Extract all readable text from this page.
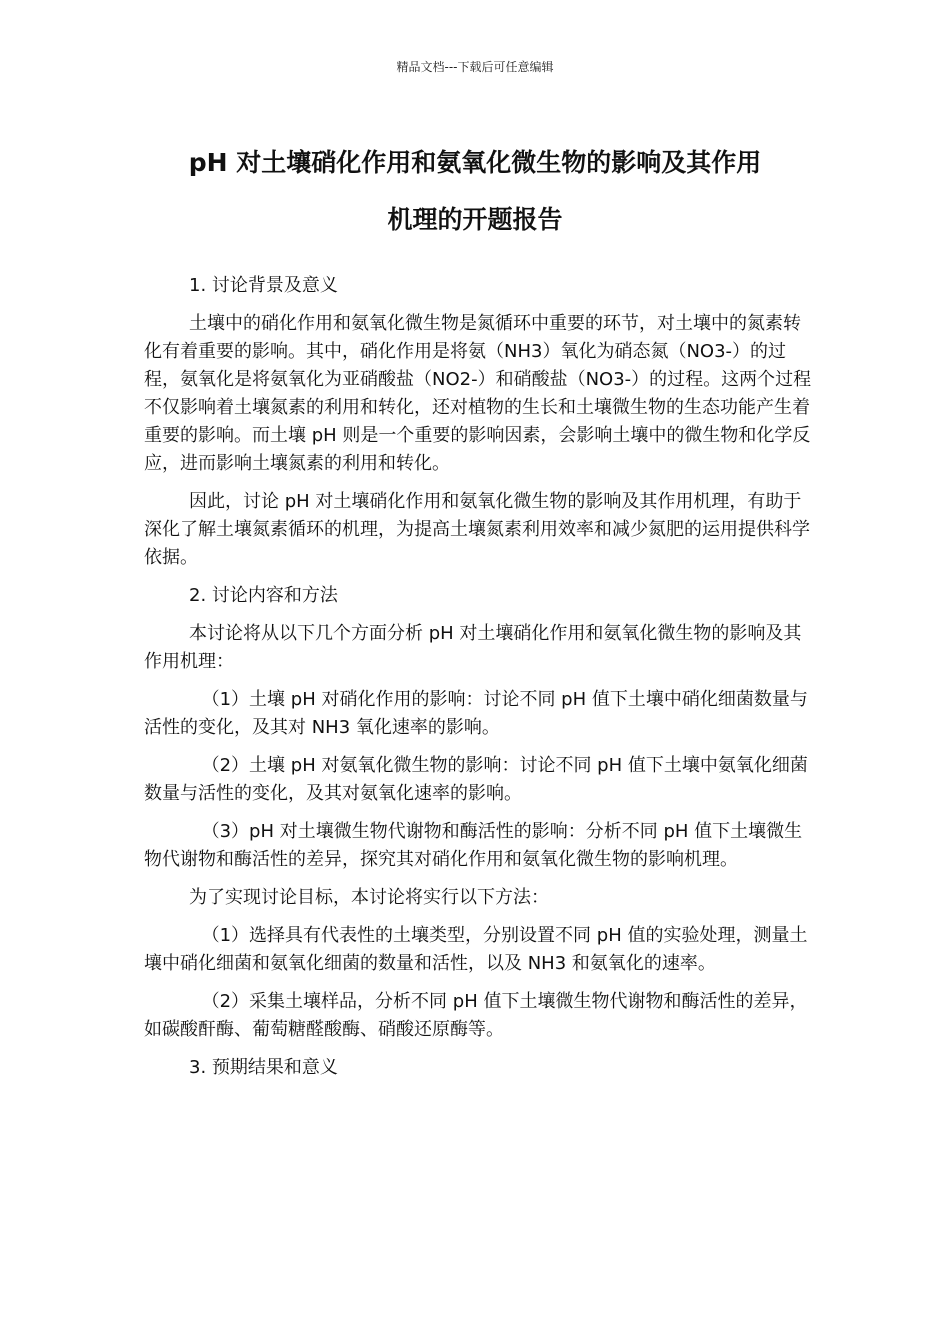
精品文档---下载后可任意编辑
pH 对土壤硝化作用和氨氧化微生物的影响及其作用
机理的开题报告
1. 讨论背景及意义

土壤中的硝化作用和氨氧化微生物是氮循环中重要的环节，对土壤中的氮素转化有着重要的影响。其中，硝化作用是将氨（NH3）氧化为硝态氮（NO3-）的过程，氨氧化是将氨氧化为亚硝酸盐（NO2-）和硝酸盐（NO3-）的过程。这两个过程不仅影响着土壤氮素的利用和转化，还对植物的生长和土壤微生物的生态功能产生着重要的影响。而土壤 pH 则是一个重要的影响因素，会影响土壤中的微生物和化学反应，进而影响土壤氮素的利用和转化。

因此，讨论 pH 对土壤硝化作用和氨氧化微生物的影响及其作用机理，有助于深化了解土壤氮素循环的机理，为提高土壤氮素利用效率和减少氮肥的运用提供科学依据。

2. 讨论内容和方法

本讨论将从以下几个方面分析 pH 对土壤硝化作用和氨氧化微生物的影响及其作用机理：

（1）土壤 pH 对硝化作用的影响：讨论不同 pH 值下土壤中硝化细菌数量与活性的变化，及其对 NH3 氧化速率的影响。

（2）土壤 pH 对氨氧化微生物的影响：讨论不同 pH 值下土壤中氨氧化细菌数量与活性的变化，及其对氨氧化速率的影响。

（3）pH 对土壤微生物代谢物和酶活性的影响：分析不同 pH 值下土壤微生物代谢物和酶活性的差异，探究其对硝化作用和氨氧化微生物的影响机理。

为了实现讨论目标，本讨论将实行以下方法：

（1）选择具有代表性的土壤类型，分别设置不同 pH 值的实验处理，测量土壤中硝化细菌和氨氧化细菌的数量和活性，以及 NH3 和氨氧化的速率。

（2）采集土壤样品，分析不同 pH 值下土壤微生物代谢物和酶活性的差异，如碳酸酐酶、葡萄糖醛酸酶、硝酸还原酶等。

3. 预期结果和意义
